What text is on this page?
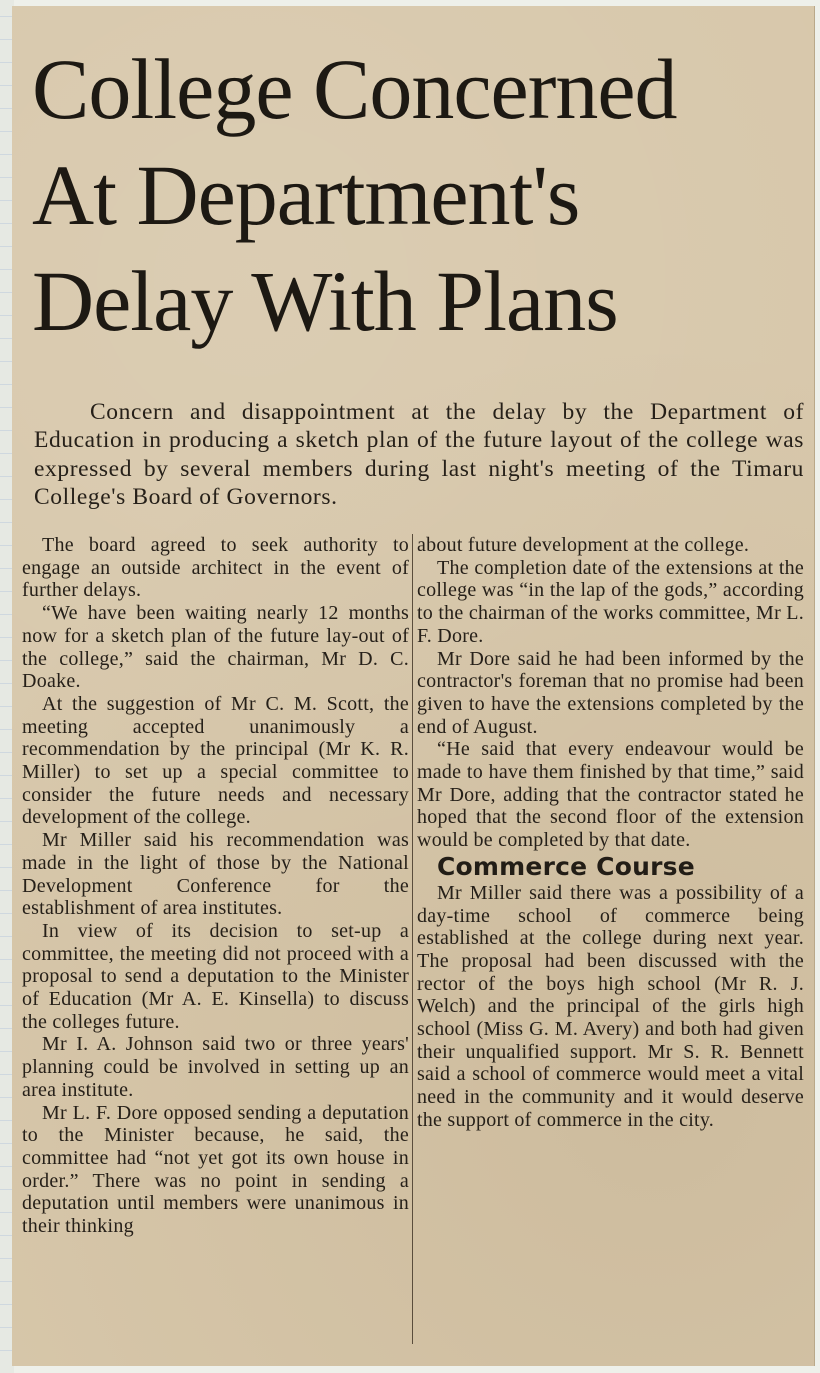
College Concerned
At Department's
Delay With Plans

Concern and disappointment at the delay by the Department of Education in producing a sketch plan of the future layout of the college was expressed by several members during last night's meeting of the Timaru College's Board of Governors.

The board agreed to seek authority to engage an outside architect in the event of further delays.

“We have been waiting nearly 12 months now for a sketch plan of the future lay-out of the college,” said the chairman, Mr D. C. Doake.

At the suggestion of Mr C. M. Scott, the meeting accepted unanimously a recommendation by the principal (Mr K. R. Miller) to set up a special committee to consider the future needs and necessary development of the college.

Mr Miller said his recommendation was made in the light of those by the National Development Conference for the establishment of area institutes.

In view of its decision to set-up a committee, the meeting did not proceed with a proposal to send a deputation to the Minister of Education (Mr A. E. Kinsella) to discuss the colleges future.

Mr I. A. Johnson said two or three years' planning could be involved in setting up an area institute.

Mr L. F. Dore opposed sending a deputation to the Minister because, he said, the committee had “not yet got its own house in order.” There was no point in sending a deputation until members were unanimous in their thinking

about future development at the college.

The completion date of the extensions at the college was “in the lap of the gods,” according to the chairman of the works committee, Mr L. F. Dore.

Mr Dore said he had been informed by the contractor's foreman that no promise had been given to have the extensions completed by the end of August.

“He said that every endeavour would be made to have them finished by that time,” said Mr Dore, adding that the contractor stated he hoped that the second floor of the extension would be completed by that date.

Commerce Course

Mr Miller said there was a possibility of a day-time school of commerce being established at the college during next year. The proposal had been discussed with the rector of the boys high school (Mr R. J. Welch) and the principal of the girls high school (Miss G. M. Avery) and both had given their unqualified support. Mr S. R. Bennett said a school of commerce would meet a vital need in the community and it would deserve the support of commerce in the city.
